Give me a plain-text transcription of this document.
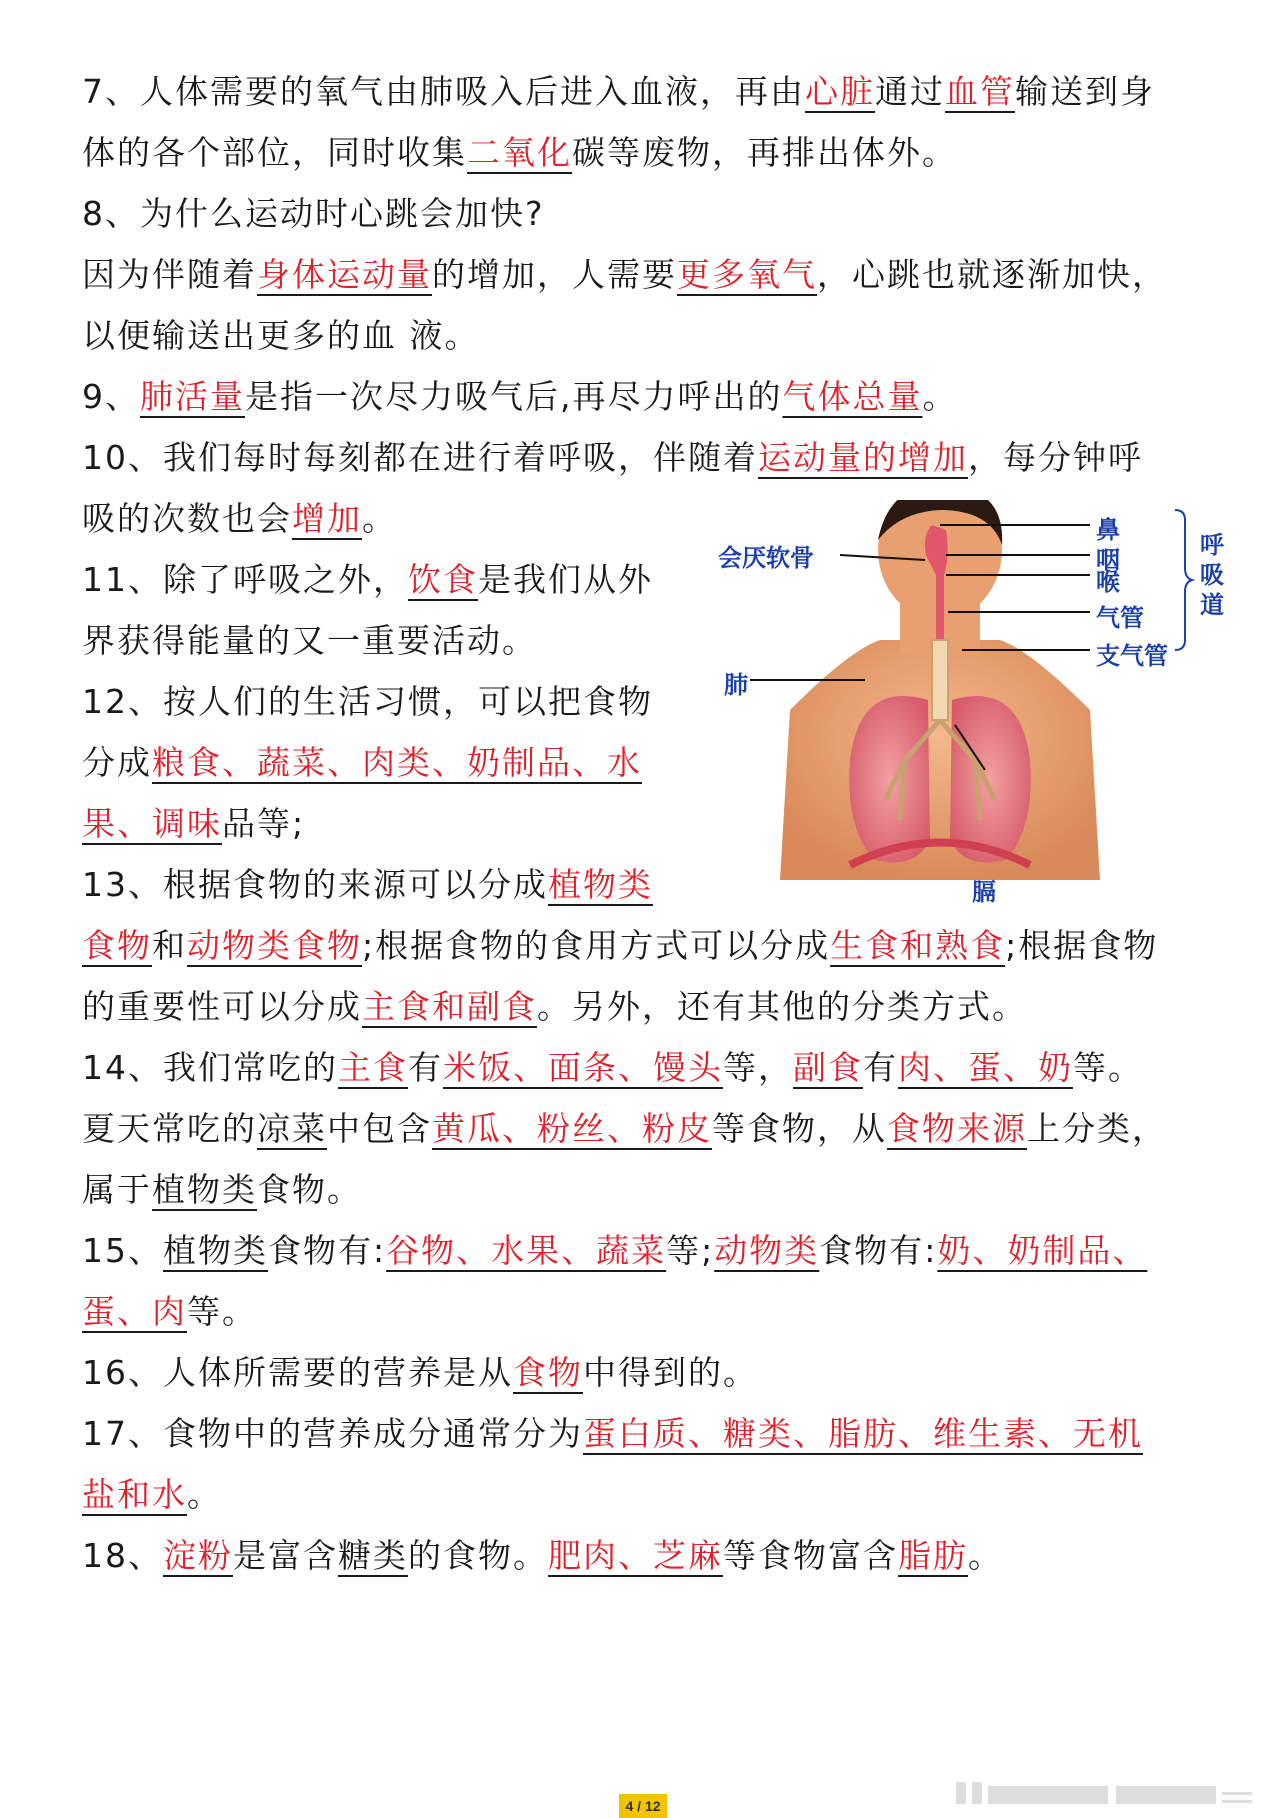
7、人体需要的氧气由肺吸入后进入血液，再由心脏通过血管输送到身
体的各个部位，同时收集二氧化碳等废物，再排出体外。
8、为什么运动时心跳会加快?
因为伴随着身体运动量的增加，人需要更多氧气，心跳也就逐渐加快，
以便输送出更多的血 液。
9、肺活量是指一次尽力吸气后,再尽力呼出的气体总量。
10、我们每时每刻都在进行着呼吸，伴随着运动量的增加，每分钟呼
吸的次数也会增加。
11、除了呼吸之外，饮食是我们从外
界获得能量的又一重要活动。
12、按人们的生活习惯，可以把食物
分成粮食、蔬菜、肉类、奶制品、水
果、调味品等;
13、根据食物的来源可以分成植物类
食物和动物类食物;根据食物的食用方式可以分成生食和熟食;根据食物
的重要性可以分成主食和副食。另外，还有其他的分类方式。
14、我们常吃的主食有米饭、面条、馒头等，副食有肉、蛋、奶等。
夏天常吃的凉菜中包含黄瓜、粉丝、粉皮等食物，从食物来源上分类，
属于植物类食物。
15、植物类食物有:谷物、水果、蔬菜等;动物类食物有:奶、奶制品、
蛋、肉等。
16、人体所需要的营养是从食物中得到的。
17、食物中的营养成分通常分为蛋白质、糖类、脂肪、维生素、无机
盐和水。
18、淀粉是富含糖类的食物。肥肉、芝麻等食物富含脂肪。
鼻
咽
喉
气管
支气管
会厌软骨
肺
膈
呼吸道
4 / 12
